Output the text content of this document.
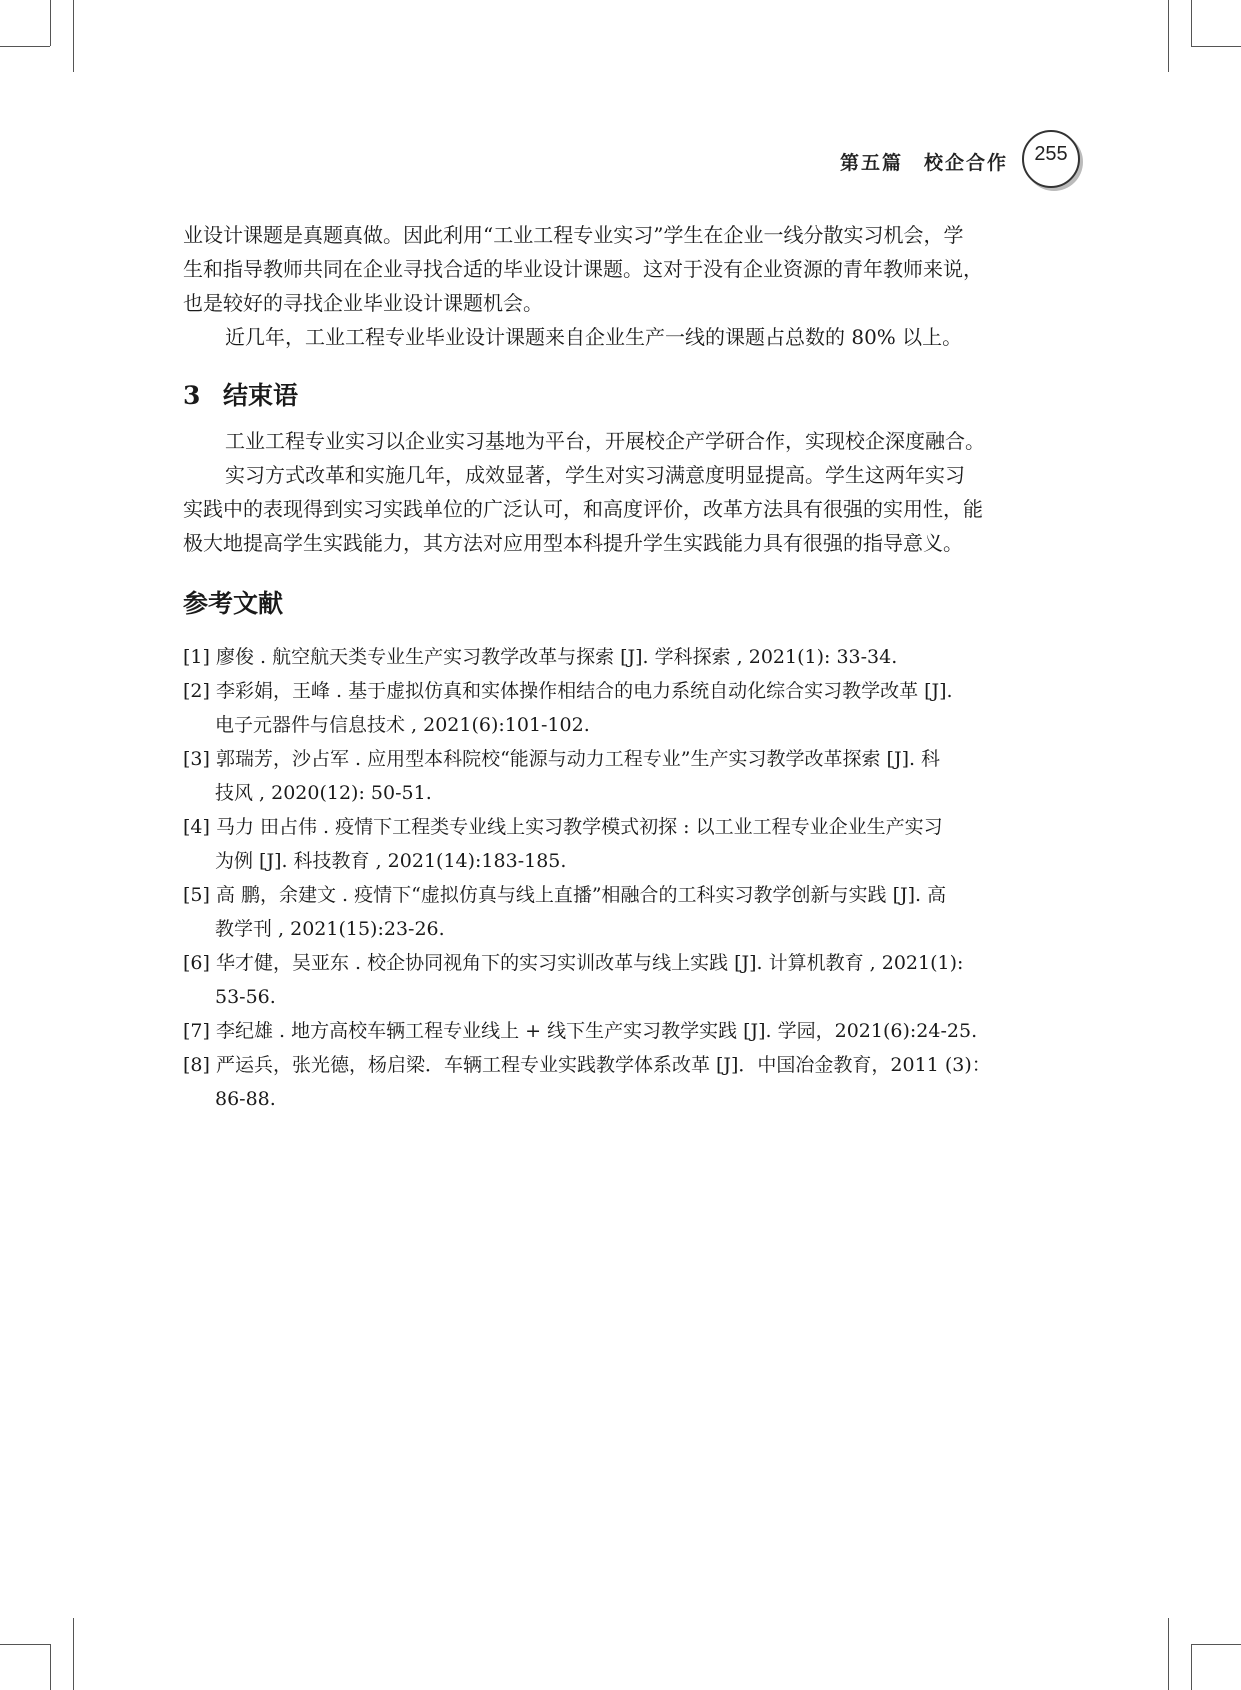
第五篇　校企合作	255

业设计课题是真题真做。因此利用“工业工程专业实习”学生在企业一线分散实习机会，学

生和指导教师共同在企业寻找合适的毕业设计课题。这对于没有企业资源的青年教师来说，

也是较好的寻找企业毕业设计课题机会。

近几年，工业工程专业毕业设计课题来自企业生产一线的课题占总数的 80% 以上。

3 结束语

工业工程专业实习以企业实习基地为平台，开展校企产学研合作，实现校企深度融合。

实习方式改革和实施几年，成效显著，学生对实习满意度明显提高。学生这两年实习

实践中的表现得到实习实践单位的广泛认可，和高度评价，改革方法具有很强的实用性，能

极大地提高学生实践能力，其方法对应用型本科提升学生实践能力具有很强的指导意义。

参考文献

[1] 廖俊 . 航空航天类专业生产实习教学改革与探索 [J]. 学科探索 , 2021(1): 33-34.

[2] 李彩娟，王峰 . 基于虚拟仿真和实体操作相结合的电力系统自动化综合实习教学改革 [J].

电子元器件与信息技术 , 2021(6):101-102.

[3] 郭瑞芳，沙占军 . 应用型本科院校“能源与动力工程专业”生产实习教学改革探索 [J]. 科

技风 , 2020(12): 50-51.

[4] 马力 田占伟 . 疫情下工程类专业线上实习教学模式初探 : 以工业工程专业企业生产实习

为例 [J]. 科技教育 , 2021(14):183-185.

[5] 高 鹏，余建文 . 疫情下“虚拟仿真与线上直播”相融合的工科实习教学创新与实践 [J]. 高

教学刊 , 2021(15):23-26.

[6] 华才健，吴亚东 . 校企协同视角下的实习实训改革与线上实践 [J]. 计算机教育 , 2021(1):

53-56.

[7] 李纪雄 . 地方高校车辆工程专业线上 + 线下生产实习教学实践 [J]. 学园，2021(6):24-25.

[8] 严运兵，张光德，杨启梁．车辆工程专业实践教学体系改革 [J]．中国冶金教育，2011 (3)：

86-88.
